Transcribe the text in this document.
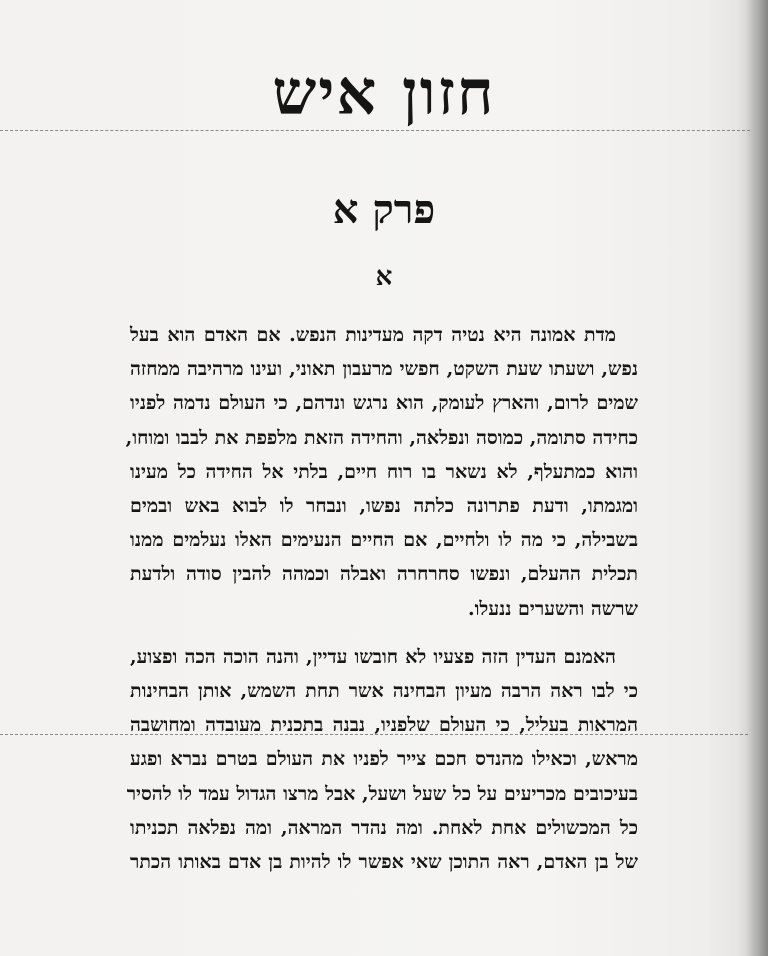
חזון איש
פרק א
א
מדת אמונה היא נטיה דקה מעדינות הנפש. אם האדם הוא בעל
נפש, ושעתו שעת השקט, חפשי מרעבון תאוני, ועינו מרהיבה ממחזה
שמים לרום, והארץ לעומק, הוא נרגש ונדהם, כי העולם נדמה לפניו
כחידה סתומה, כמוסה ונפלאה, והחידה הזאת מלפפת את לבבו ומוחו,
והוא כמתעלף, לא נשאר בו רוח חיים, בלתי אל החידה כל מעינו
ומגמתו, ודעת פתרונה כלתה נפשו, ונבחר לו לבוא באש ובמים
בשבילה, כי מה לו ולחיים, אם החיים הנעימים האלו נעלמים ממנו
תכלית ההעלם, ונפשו סחרחרה ואבלה וכמהה להבין סודה ולדעת
שרשה והשערים ננעלו.
האמנם העדין הזה פצעיו לא חובשו עדיין, והנה הוכה הכה ופצוע,
כי לבו ראה הרבה מעיון הבחינה אשר תחת השמש, אותן הבחינות
המראות בעליל, כי העולם שלפניו, נבנה בתכנית מעובדה ומחושבה
מראש, וכאילו מהנדס חכם צייר לפניו את העולם בטרם נברא ופגע
בעיכובים מכריעים על כל שעל ושעל, אבל מרצו הגדול עמד לו להסיר
כל המכשולים אחת לאחת. ומה נהדר המראה, ומה נפלאה תכניתו
של בן האדם, ראה התוכן שאי אפשר לו להיות בן אדם באותו הכתר
